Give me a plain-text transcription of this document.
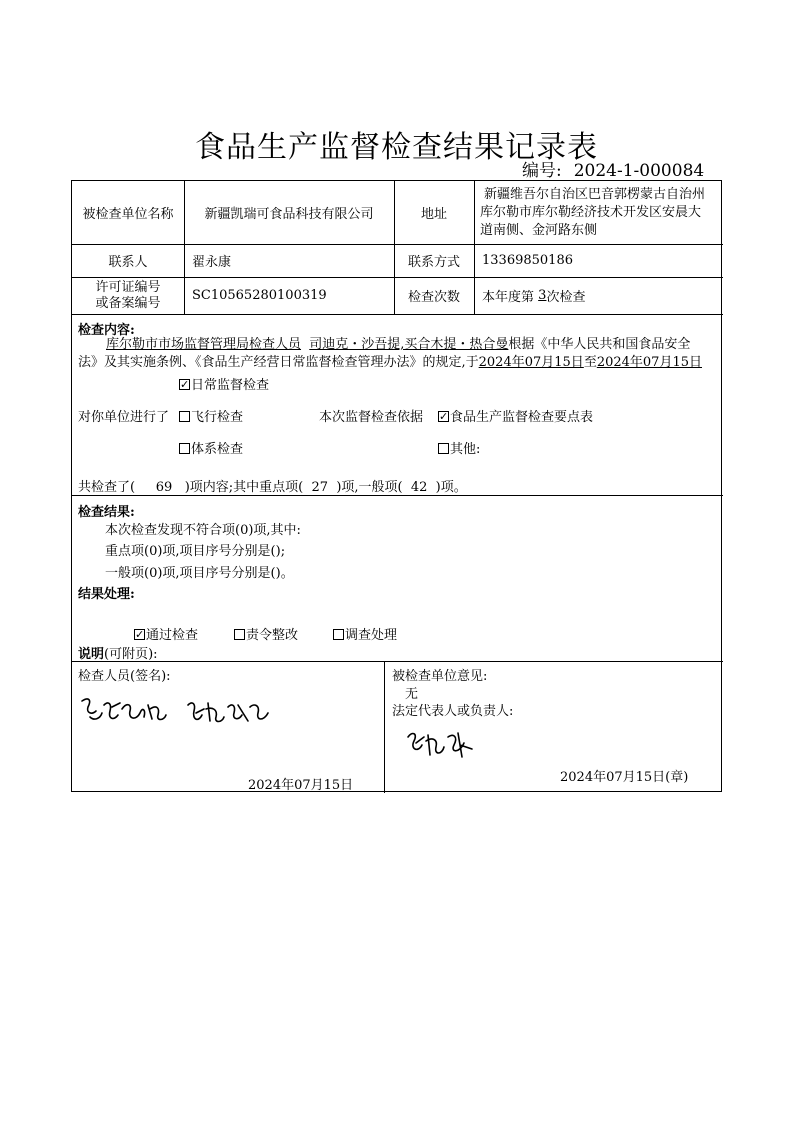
食品生产监督检查结果记录表
编号: 2024-1-000084
被检查单位名称	新疆凯瑞可食品科技有限公司	地址
新疆维吾尔自治区巴音郭楞蒙古自治州
库尔勒市库尔勒经济技术开发区安晨大
道南侧、金河路东侧
联系人	翟永康	联系方式	13369850186
许可证编号
或备案编号 SC10565280100319	检查次数	本年度第
3 次检查
检查内容:
库尔勒市市场监督管理局检查人员 司迪克・沙吾提,买合木提・热合曼根据《中华人民共和国食品安全
法》及其实施条例、《食品生产经营日常监督检查管理办法》的规定,于2024年07月15日至2024年07月15日
✓日常监督检查
对你单位进行了	飞行检查	本次监督检查依据
✓	食品生产监督检查要点表
体系检查	其他:
共检查了( 69 )项内容;其中重点项( 27 )项,一般项( 42 )项。
检查结果:
本次检查发现不符合项(0)项,其中:
重点项(0)项,项目序号分别是();
一般项(0)项,项目序号分别是()。
结果处理:
✓通过检查	责令整改	调查处理
说明(可附页):
检查人员(签名):
2024年07月15日
被检查单位意见:
无
法定代表人或负责人:
2024年07月15日(章)
